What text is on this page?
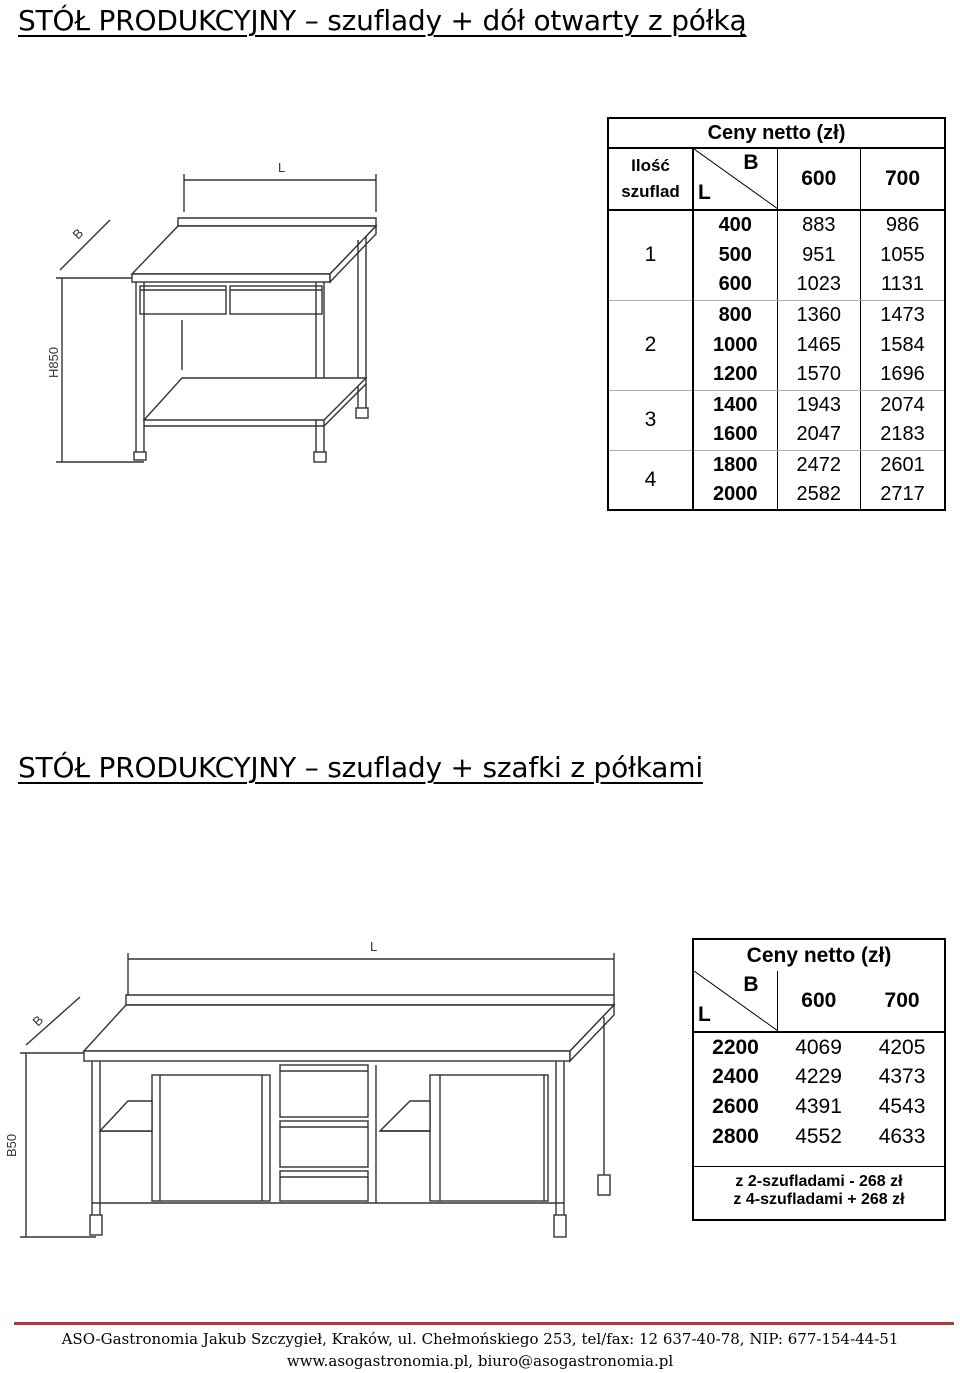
STÓŁ PRODUKCYJNY – szuflady + dół otwarty z półką
L
B
H850
Ceny netto (zł)			
Ilość
szuflad	B
L	600	700
1	400	883	986
	500	951	1055
	600	1023	1131
2	800	1360	1473
	1000	1465	1584
	1200	1570	1696
3	1400	1943	2074
	1600	2047	2183
4	1800	2472	2601
	2000	2582	2717
STÓŁ PRODUKCYJNY – szuflady + szafki z półkami
L
B
B50
Ceny netto (zł)		

B
L	600	700
2200	4069	4205
2400	4229	4373
2600	4391	4543
2800	4552	4633

z 2-szufladami - 268 zł		
z 4-szufladami + 268 zł		
ASO-Gastronomia Jakub Szczygieł, Kraków, ul. Chełmońskiego 253, tel/fax: 12 637-40-78, NIP: 677-154-44-51
www.asogastronomia.pl, biuro@asogastronomia.pl
